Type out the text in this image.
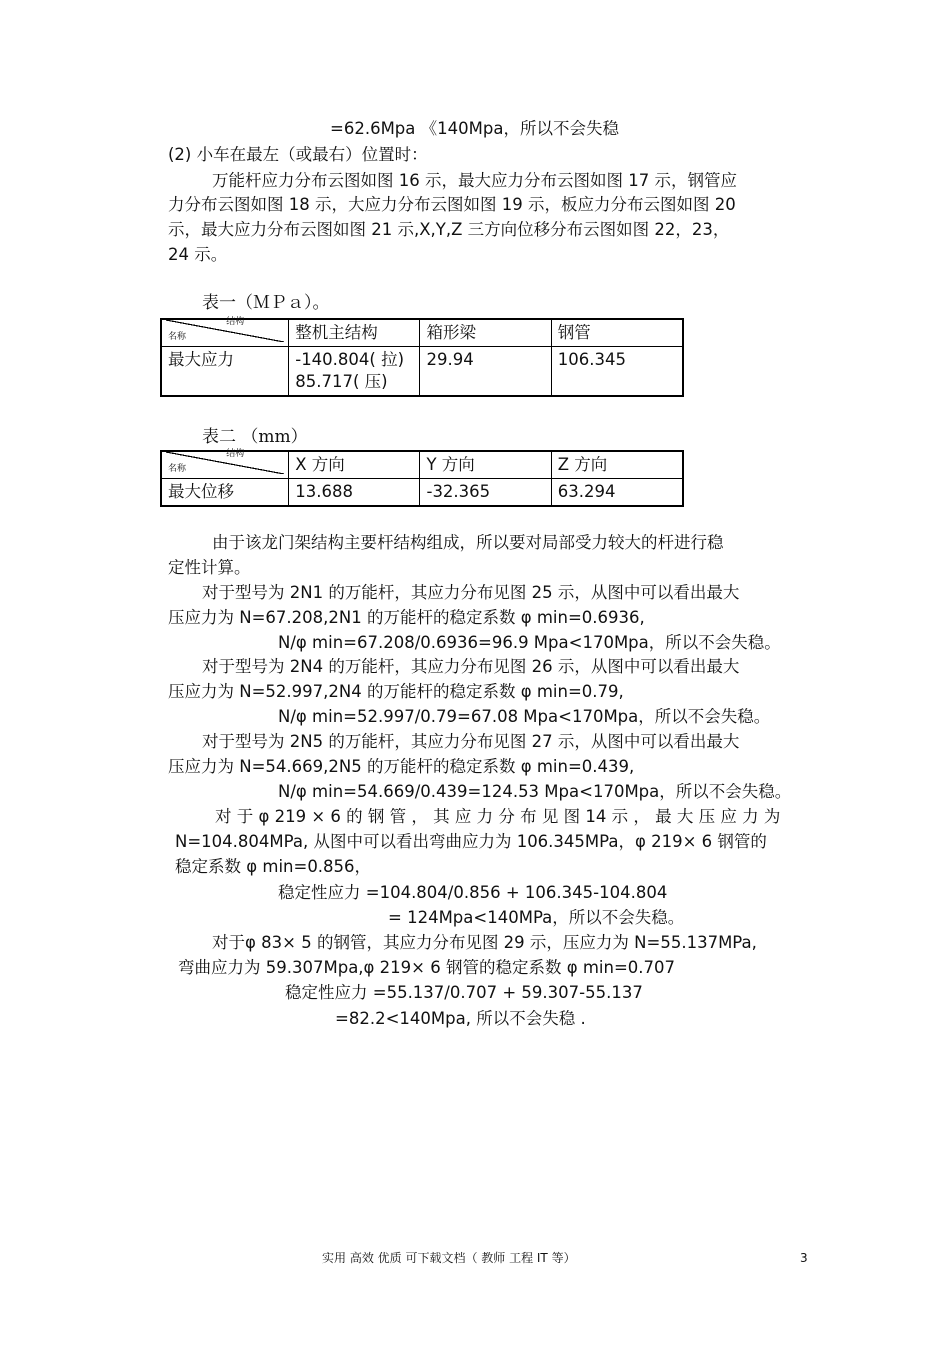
=62.6Mpa 《140Mpa，所以不会失稳
(2) 小车在最左（或最右）位置时：
万能杆应力分布云图如图 16 示，最大应力分布云图如图 17 示，钢管应
力分布云图如图 18 示，大应力分布云图如图 19 示，板应力分布云图如图 20
示，最大应力分布云图如图 21 示,X,Y,Z 三方向位移分布云图如图 22，23，
24 示。
表一（ＭＰａ）。
结构
名称	整机主结构	箱形梁	钢管
最大应力	-140.804( 拉)
85.717( 压)	29.94	106.345
表二 （mm）
结构
名称	X 方向	Y 方向	Z 方向
最大位移	13.688	-32.365	63.294
由于该龙门架结构主要杆结构组成，所以要对局部受力较大的杆进行稳
定性计算。
对于型号为 2N1 的万能杆，其应力分布见图 25 示，从图中可以看出最大
压应力为 N=67.208,2N1 的万能杆的稳定系数 φ min=0.6936,
N/φ min=67.208/0.6936=96.9 Mpa<170Mpa，所以不会失稳。
对于型号为 2N4 的万能杆，其应力分布见图 26 示，从图中可以看出最大
压应力为 N=52.997,2N4 的万能杆的稳定系数 φ min=0.79,
N/φ min=52.997/0.79=67.08 Mpa<170Mpa，所以不会失稳。
对于型号为 2N5 的万能杆，其应力分布见图 27 示，从图中可以看出最大
压应力为 N=54.669,2N5 的万能杆的稳定系数 φ min=0.439,
N/φ min=54.669/0.439=124.53 Mpa<170Mpa，所以不会失稳。
对 于 φ 219 × 6 的 钢 管 ， 其 应 力 分 布 见 图 14 示 ， 最 大 压 应 力 为
N=104.804MPa, 从图中可以看出弯曲应力为 106.345MPa，φ 219× 6 钢管的
稳定系数 φ min=0.856，
稳定性应力 =104.804/0.856 + 106.345-104.804
= 124Mpa<140MPa，所以不会失稳。
对于φ 83× 5 的钢管，其应力分布见图 29 示，压应力为 N=55.137MPa,
弯曲应力为 59.307Mpa,φ 219× 6 钢管的稳定系数 φ min=0.707
稳定性应力 =55.137/0.707 + 59.307-55.137
=82.2<140Mpa, 所以不会失稳 .
实用 高效 优质 可下载文档（ 教师 工程 IT 等）	3
